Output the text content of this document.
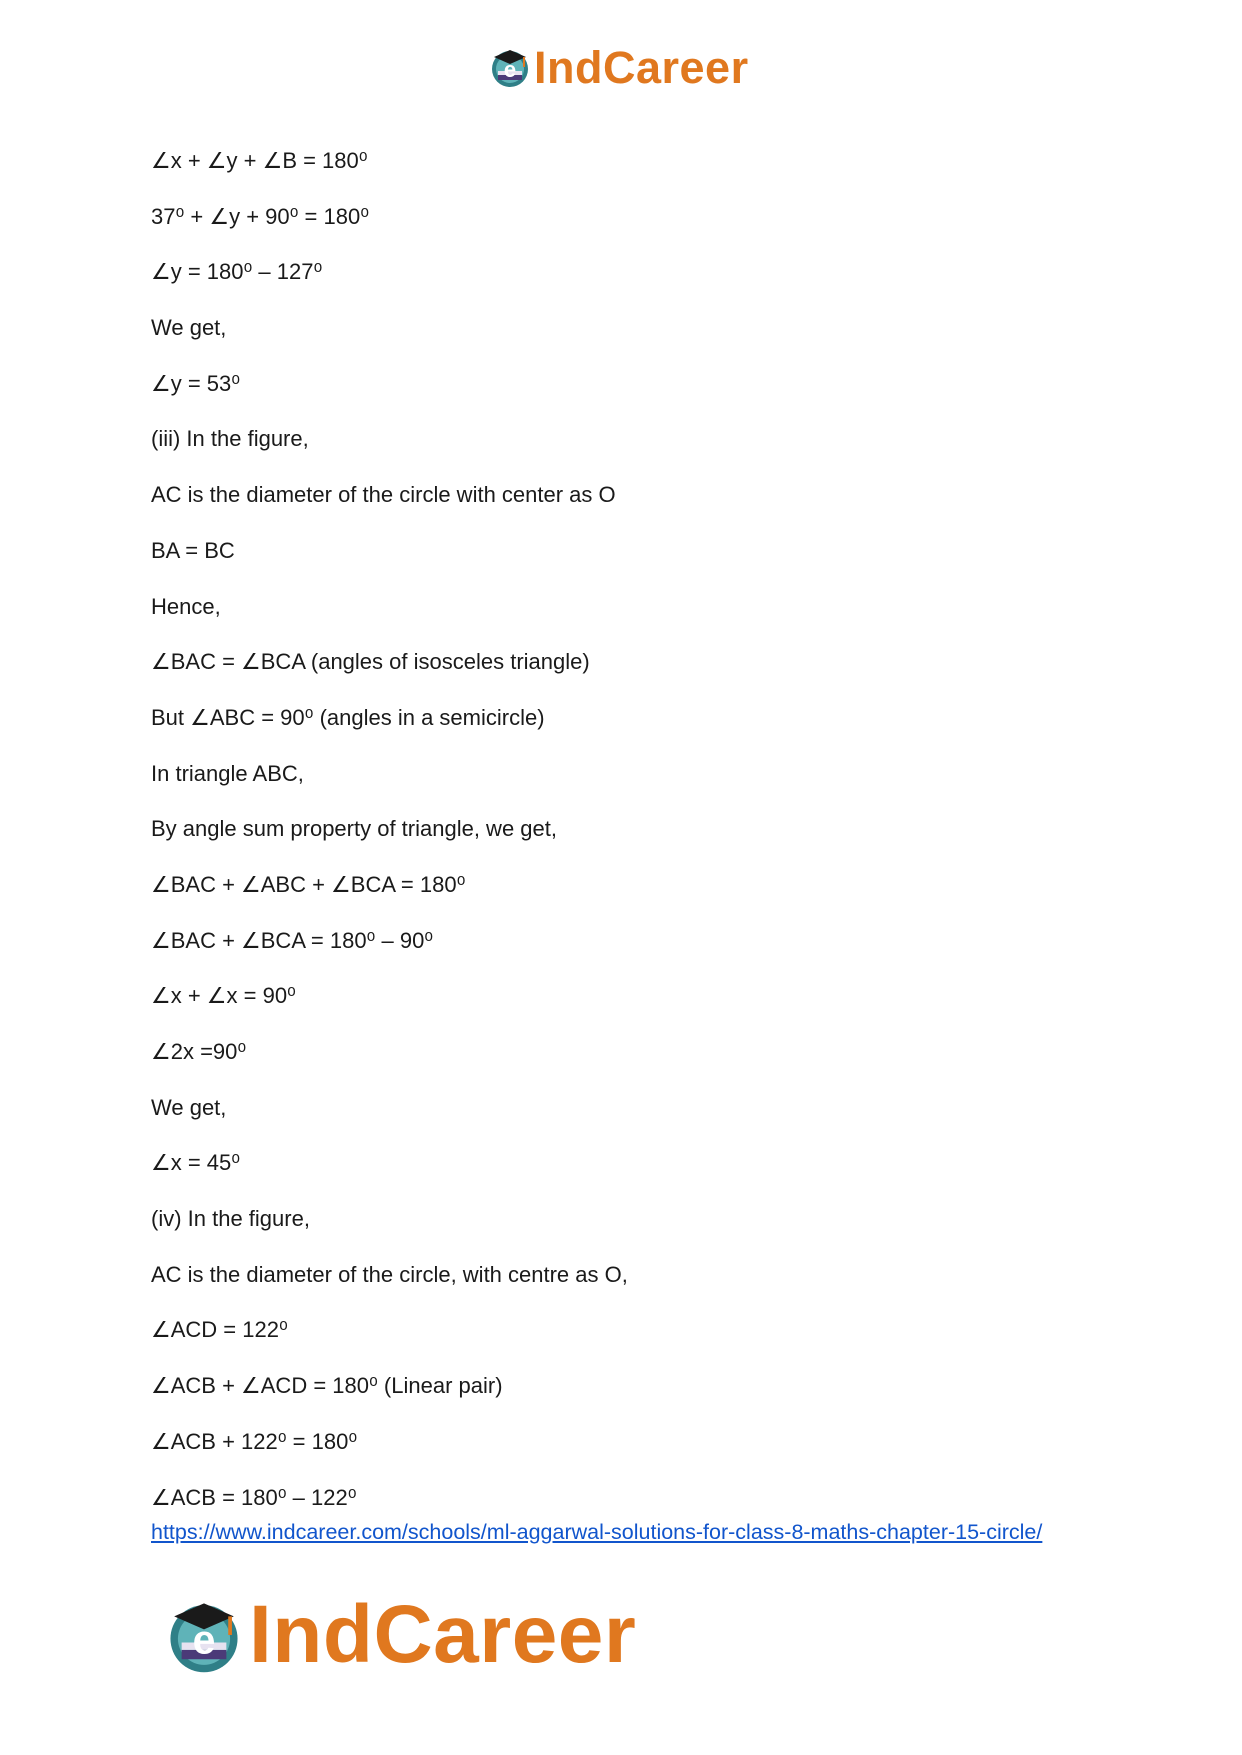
e IndCareer
∠x + ∠y + ∠B = 180⁰
37⁰ + ∠y + 90⁰ = 180⁰
∠y = 180⁰ – 127⁰
We get,
∠y = 53⁰
(iii) In the figure,
AC is the diameter of the circle with center as O
BA = BC
Hence,
∠BAC = ∠BCA (angles of isosceles triangle)
But ∠ABC = 90⁰ (angles in a semicircle)
In triangle ABC,
By angle sum property of triangle, we get,
∠BAC + ∠ABC + ∠BCA = 180⁰
∠BAC + ∠BCA = 180⁰ – 90⁰
∠x + ∠x = 90⁰
∠2x =90⁰
We get,
∠x = 45⁰
(iv) In the figure,
AC is the diameter of the circle, with centre as O,
∠ACD = 122⁰
∠ACB + ∠ACD = 180⁰ (Linear pair)
∠ACB + 122⁰ = 180⁰
∠ACB = 180⁰ – 122⁰
https://www.indcareer.com/schools/ml-aggarwal-solutions-for-class-8-maths-chapter-15-circle/
e IndCareer
